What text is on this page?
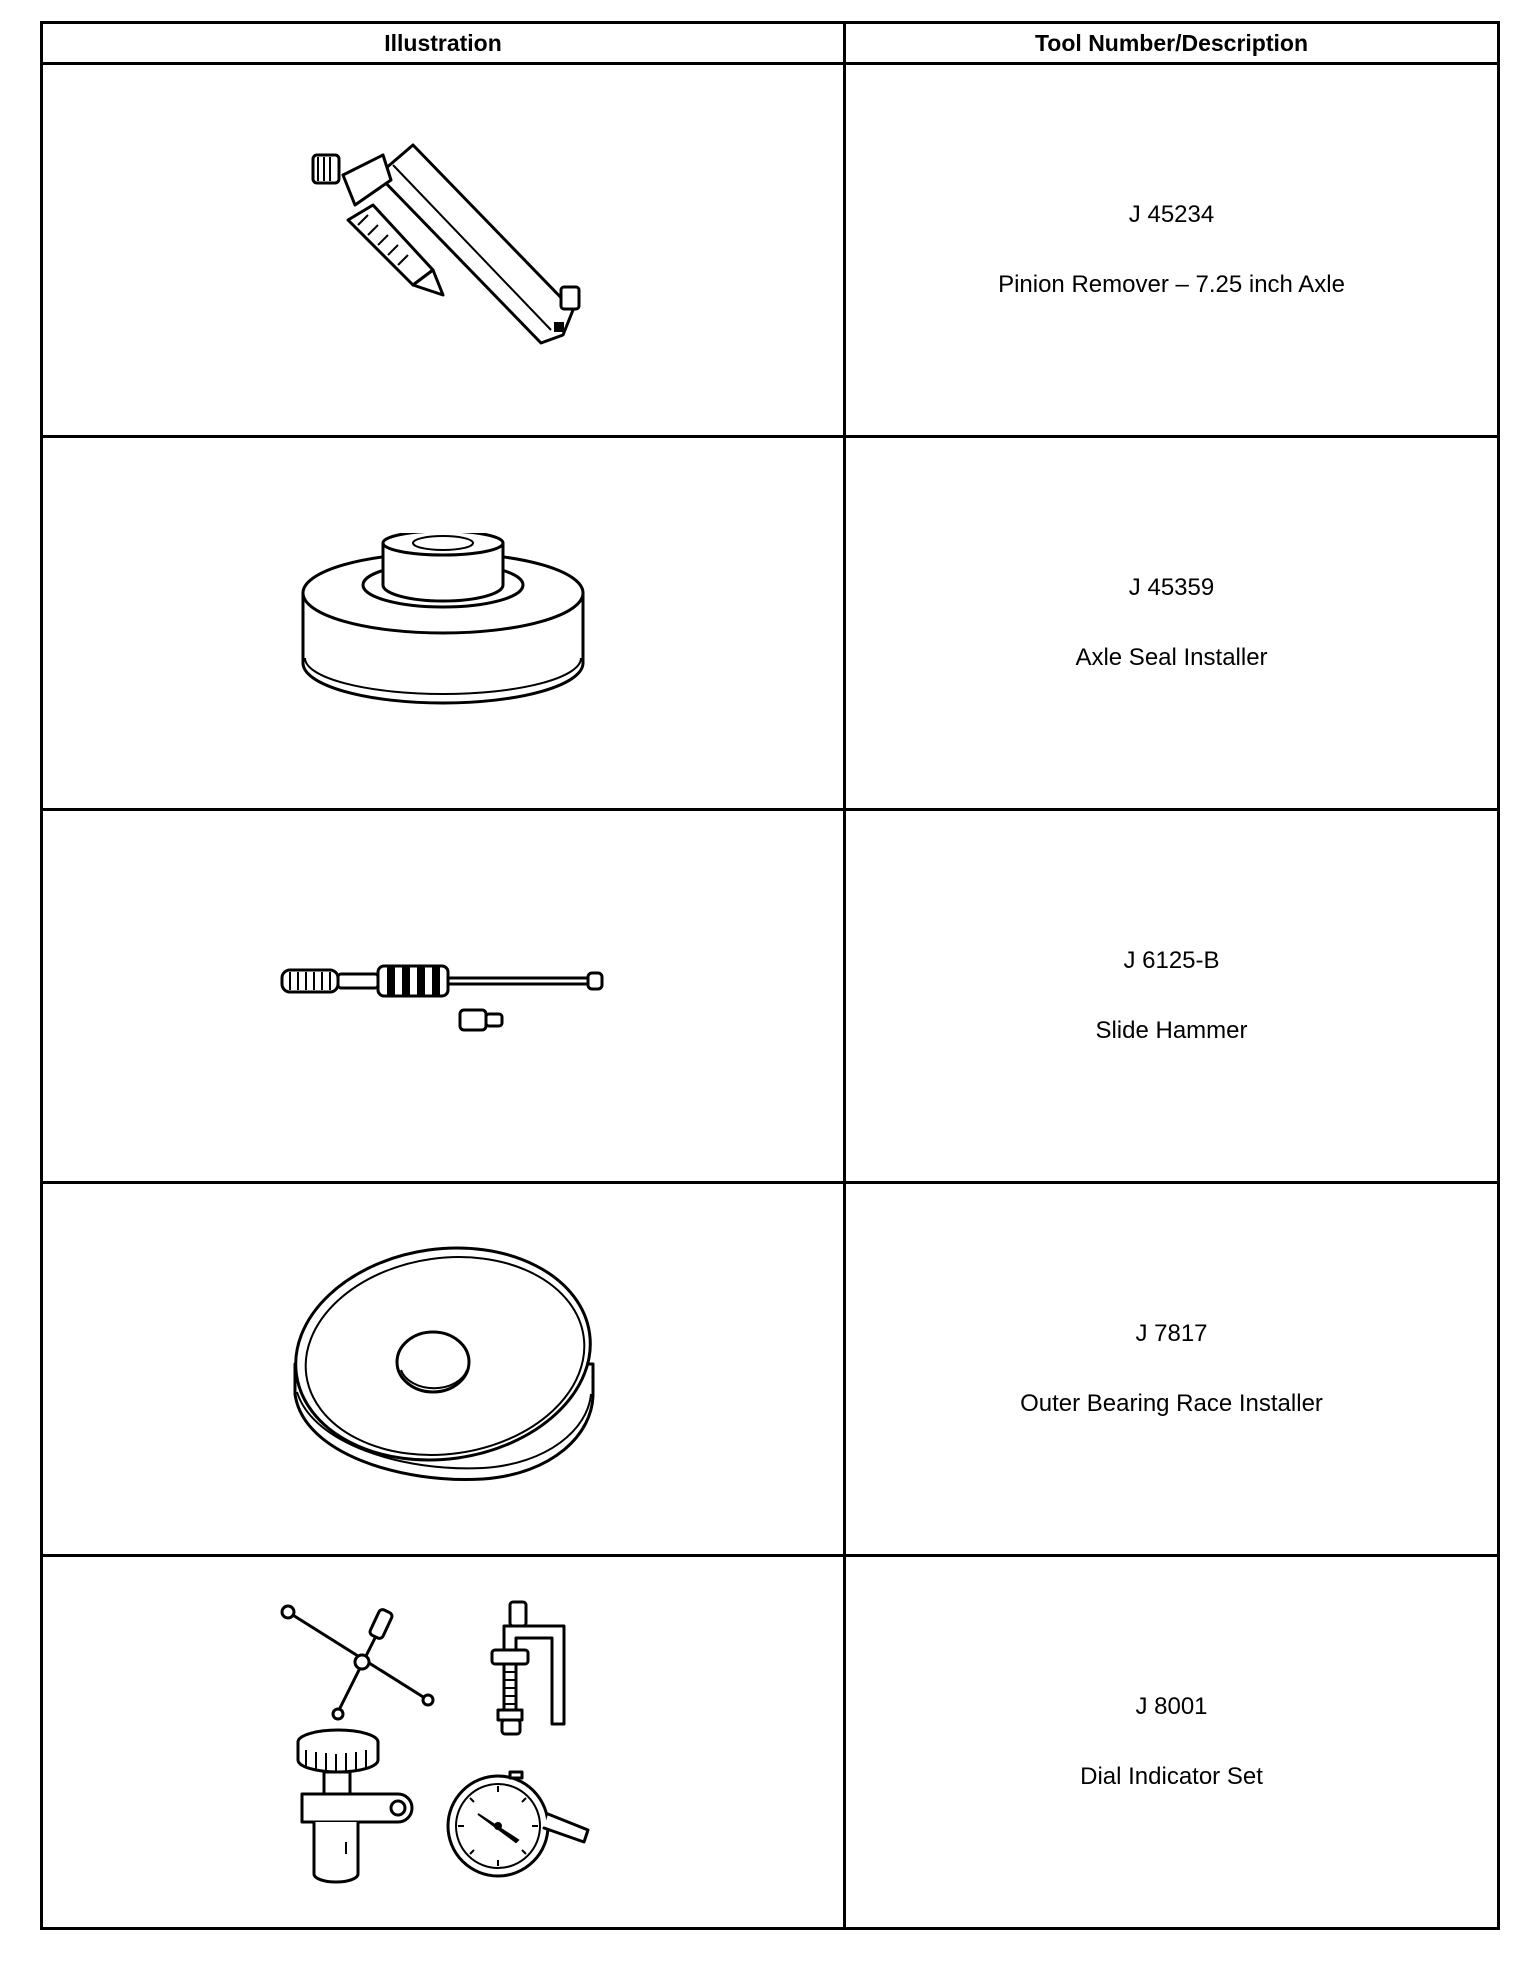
Illustration	Tool Number/Description

J 45234
Pinion Remover – 7.25 inch Axle

J 45359
Axle Seal Installer

J 6125-B
Slide Hammer

J 7817
Outer Bearing Race Installer

J 8001
Dial Indicator Set
